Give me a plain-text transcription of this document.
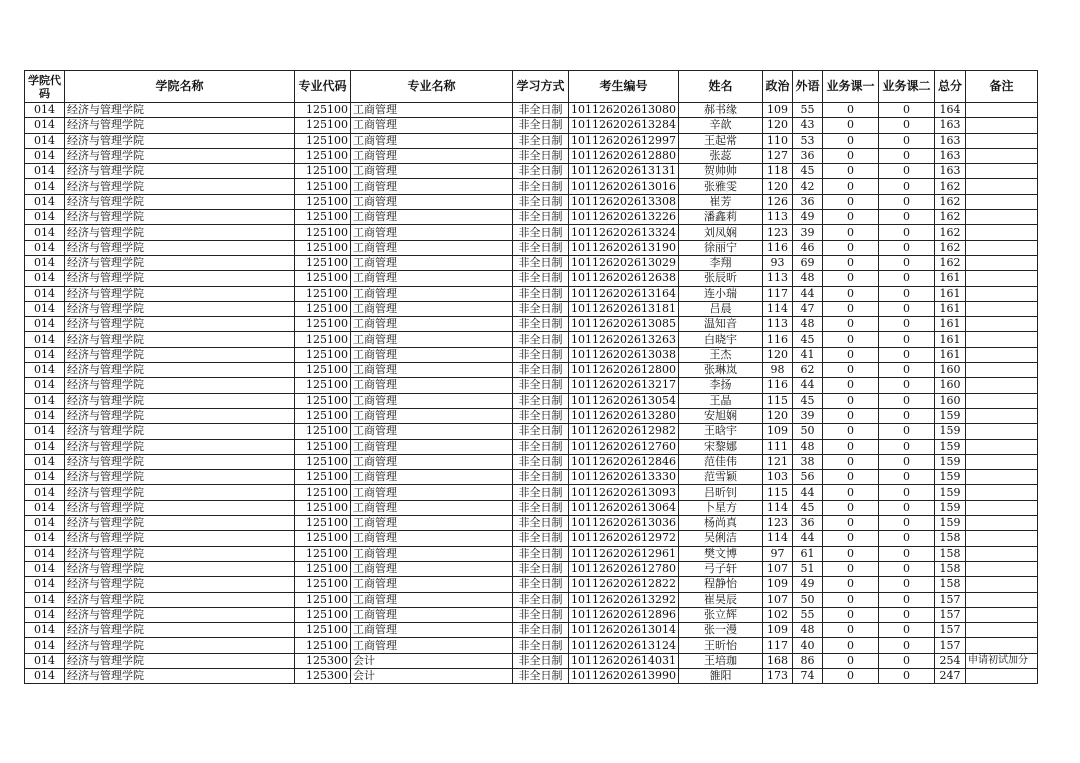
学院代码	学院名称	专业代码	专业名称	学习方式	考生编号	姓名	政治	外语	业务课一	业务课二	总分	备注
014	经济与管理学院	125100	工商管理	非全日制	101126202613080	郝书缘	109	55	0	0	164	
014	经济与管理学院	125100	工商管理	非全日制	101126202613284	辛歆	120	43	0	0	163	
014	经济与管理学院	125100	工商管理	非全日制	101126202612997	王起常	110	53	0	0	163	
014	经济与管理学院	125100	工商管理	非全日制	101126202612880	张蕊	127	36	0	0	163	
014	经济与管理学院	125100	工商管理	非全日制	101126202613131	贺帅帅	118	45	0	0	163	
014	经济与管理学院	125100	工商管理	非全日制	101126202613016	张雅雯	120	42	0	0	162	
014	经济与管理学院	125100	工商管理	非全日制	101126202613308	崔芳	126	36	0	0	162	
014	经济与管理学院	125100	工商管理	非全日制	101126202613226	潘鑫莉	113	49	0	0	162	
014	经济与管理学院	125100	工商管理	非全日制	101126202613324	刘凤娴	123	39	0	0	162	
014	经济与管理学院	125100	工商管理	非全日制	101126202613190	徐丽宁	116	46	0	0	162	
014	经济与管理学院	125100	工商管理	非全日制	101126202613029	李翔	93	69	0	0	162	
014	经济与管理学院	125100	工商管理	非全日制	101126202612638	张辰昕	113	48	0	0	161	
014	经济与管理学院	125100	工商管理	非全日制	101126202613164	连小瑞	117	44	0	0	161	
014	经济与管理学院	125100	工商管理	非全日制	101126202613181	吕晨	114	47	0	0	161	
014	经济与管理学院	125100	工商管理	非全日制	101126202613085	温知音	113	48	0	0	161	
014	经济与管理学院	125100	工商管理	非全日制	101126202613263	白晓宇	116	45	0	0	161	
014	经济与管理学院	125100	工商管理	非全日制	101126202613038	王杰	120	41	0	0	161	
014	经济与管理学院	125100	工商管理	非全日制	101126202612800	张琳岚	98	62	0	0	160	
014	经济与管理学院	125100	工商管理	非全日制	101126202613217	李扬	116	44	0	0	160	
014	经济与管理学院	125100	工商管理	非全日制	101126202613054	王晶	115	45	0	0	160	
014	经济与管理学院	125100	工商管理	非全日制	101126202613280	安旭娴	120	39	0	0	159	
014	经济与管理学院	125100	工商管理	非全日制	101126202612982	王晗宇	109	50	0	0	159	
014	经济与管理学院	125100	工商管理	非全日制	101126202612760	宋黎娜	111	48	0	0	159	
014	经济与管理学院	125100	工商管理	非全日制	101126202612846	范佳伟	121	38	0	0	159	
014	经济与管理学院	125100	工商管理	非全日制	101126202613330	范雪颖	103	56	0	0	159	
014	经济与管理学院	125100	工商管理	非全日制	101126202613093	吕昕钊	115	44	0	0	159	
014	经济与管理学院	125100	工商管理	非全日制	101126202613064	卜星方	114	45	0	0	159	
014	经济与管理学院	125100	工商管理	非全日制	101126202613036	杨尚真	123	36	0	0	159	
014	经济与管理学院	125100	工商管理	非全日制	101126202612972	吴俐洁	114	44	0	0	158	
014	经济与管理学院	125100	工商管理	非全日制	101126202612961	樊文博	97	61	0	0	158	
014	经济与管理学院	125100	工商管理	非全日制	101126202612780	弓子轩	107	51	0	0	158	
014	经济与管理学院	125100	工商管理	非全日制	101126202612822	程静怡	109	49	0	0	158	
014	经济与管理学院	125100	工商管理	非全日制	101126202613292	崔昊辰	107	50	0	0	157	
014	经济与管理学院	125100	工商管理	非全日制	101126202612896	张立辉	102	55	0	0	157	
014	经济与管理学院	125100	工商管理	非全日制	101126202613014	张一漫	109	48	0	0	157	
014	经济与管理学院	125100	工商管理	非全日制	101126202613124	王昕怡	117	40	0	0	157	
014	经济与管理学院	125300	会计	非全日制	101126202614031	王培珈	168	86	0	0	254	申请初试加分
014	经济与管理学院	125300	会计	非全日制	101126202613990	雒阳	173	74	0	0	247	
